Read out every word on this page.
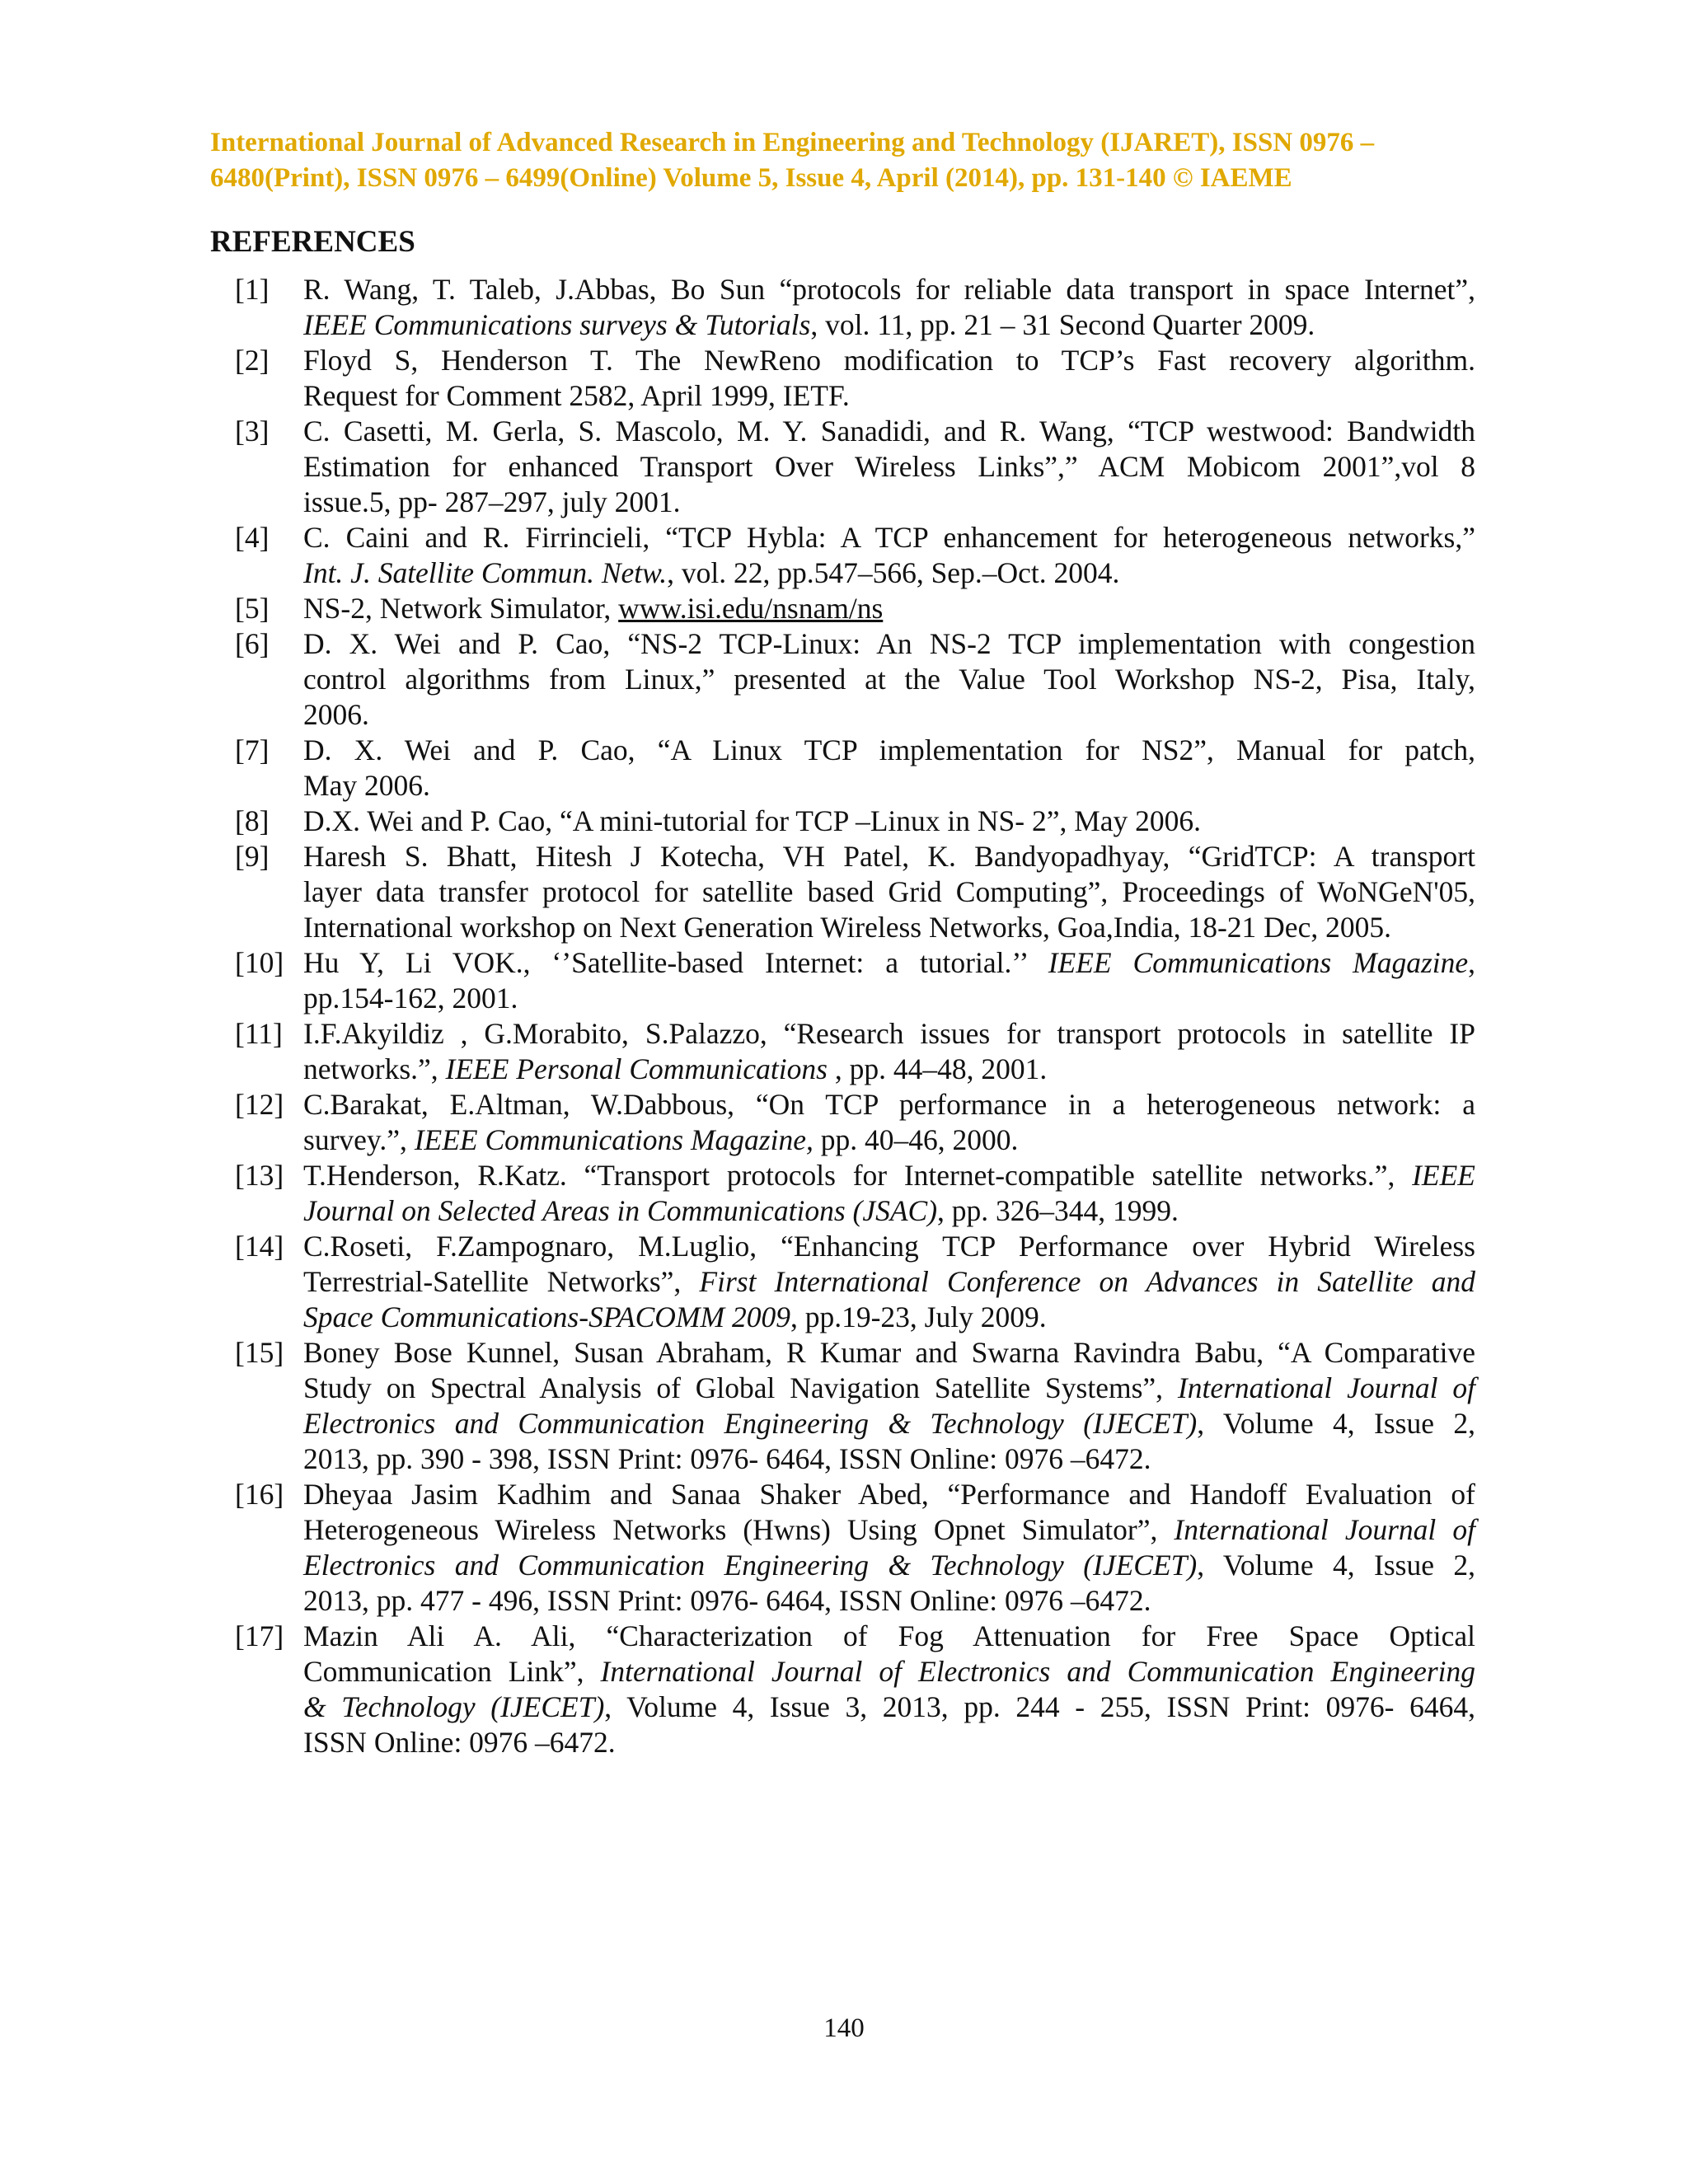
International Journal of Advanced Research in Engineering and Technology (IJARET), ISSN 0976 –
6480(Print), ISSN 0976 – 6499(Online) Volume 5, Issue 4, April (2014), pp. 131-140 © IAEME
REFERENCES
[1] R. Wang, T. Taleb, J.Abbas, Bo Sun “protocols for reliable data transport in space Internet”,
IEEE Communications surveys & Tutorials, vol. 11, pp. 21 – 31 Second Quarter 2009.
[2] Floyd S, Henderson T. The NewReno modification to TCP’s Fast recovery algorithm.
Request for Comment 2582, April 1999, IETF.
[3] C. Casetti, M. Gerla, S. Mascolo, M. Y. Sanadidi, and R. Wang, “TCP westwood: Bandwidth
Estimation for enhanced Transport Over Wireless Links”,” ACM Mobicom 2001”,vol 8
issue.5, pp- 287–297, july 2001.
[4] C. Caini and R. Firrincieli, “TCP Hybla: A TCP enhancement for heterogeneous networks,”
Int. J. Satellite Commun. Netw., vol. 22, pp.547–566, Sep.–Oct. 2004.
[5] NS-2, Network Simulator, www.isi.edu/nsnam/ns
[6] D. X. Wei and P. Cao, “NS-2 TCP-Linux: An NS-2 TCP implementation with congestion
control algorithms from Linux,” presented at the Value Tool Workshop NS-2, Pisa, Italy,
2006.
[7] D. X. Wei and P. Cao, “A Linux TCP implementation for NS2”, Manual for patch,
May 2006.
[8] D.X. Wei and P. Cao, “A mini-tutorial for TCP –Linux in NS- 2”, May 2006.
[9] Haresh S. Bhatt, Hitesh J Kotecha, VH Patel, K. Bandyopadhyay, “GridTCP: A transport
layer data transfer protocol for satellite based Grid Computing”, Proceedings of WoNGeN'05,
International workshop on Next Generation Wireless Networks, Goa,India, 18-21 Dec, 2005.
[10] Hu Y, Li VOK., ‘’Satellite-based Internet: a tutorial.’’ IEEE Communications Magazine,
pp.154-162, 2001.
[11] I.F.Akyildiz , G.Morabito, S.Palazzo, “Research issues for transport protocols in satellite IP
networks.”, IEEE Personal Communications , pp. 44–48, 2001.
[12] C.Barakat, E.Altman, W.Dabbous, “On TCP performance in a heterogeneous network: a
survey.”, IEEE Communications Magazine, pp. 40–46, 2000.
[13] T.Henderson, R.Katz. “Transport protocols for Internet-compatible satellite networks.”, IEEE
Journal on Selected Areas in Communications (JSAC), pp. 326–344, 1999.
[14] C.Roseti, F.Zampognaro, M.Luglio, “Enhancing TCP Performance over Hybrid Wireless
Terrestrial-Satellite Networks”, First International Conference on Advances in Satellite and
Space Communications-SPACOMM 2009, pp.19-23, July 2009.
[15] Boney Bose Kunnel, Susan Abraham, R Kumar and Swarna Ravindra Babu, “A Comparative
Study on Spectral Analysis of Global Navigation Satellite Systems”, International Journal of
Electronics and Communication Engineering & Technology (IJECET), Volume 4, Issue 2,
2013, pp. 390 - 398, ISSN Print: 0976- 6464, ISSN Online: 0976 –6472.
[16] Dheyaa Jasim Kadhim and Sanaa Shaker Abed, “Performance and Handoff Evaluation of
Heterogeneous Wireless Networks (Hwns) Using Opnet Simulator”, International Journal of
Electronics and Communication Engineering & Technology (IJECET), Volume 4, Issue 2,
2013, pp. 477 - 496, ISSN Print: 0976- 6464, ISSN Online: 0976 –6472.
[17] Mazin Ali A. Ali, “Characterization of Fog Attenuation for Free Space Optical
Communication Link”, International Journal of Electronics and Communication Engineering
& Technology (IJECET), Volume 4, Issue 3, 2013, pp. 244 - 255, ISSN Print: 0976- 6464,
ISSN Online: 0976 –6472.
140
